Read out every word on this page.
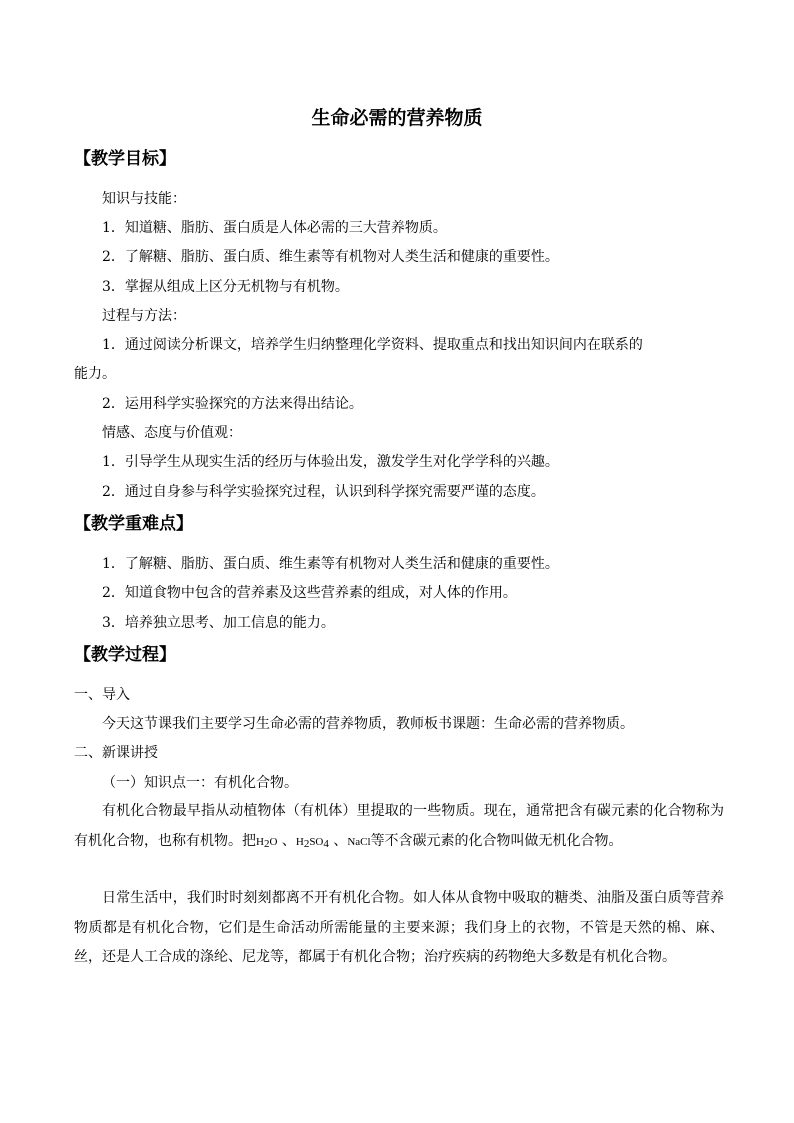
生命必需的营养物质
【教学目标】
知识与技能：
1．知道糖、脂肪、蛋白质是人体必需的三大营养物质。
2．了解糖、脂肪、蛋白质、维生素等有机物对人类生活和健康的重要性。
3．掌握从组成上区分无机物与有机物。
过程与方法：
1．通过阅读分析课文，培养学生归纳整理化学资料、提取重点和找出知识间内在联系的
能力。
2．运用科学实验探究的方法来得出结论。
情感、态度与价值观：
1．引导学生从现实生活的经历与体验出发，激发学生对化学学科的兴趣。
2．通过自身参与科学实验探究过程，认识到科学探究需要严谨的态度。
【教学重难点】
1．了解糖、脂肪、蛋白质、维生素等有机物对人类生活和健康的重要性。
2．知道食物中包含的营养素及这些营养素的组成，对人体的作用。
3．培养独立思考、加工信息的能力。
【教学过程】
一、导入
今天这节课我们主要学习生命必需的营养物质，教师板书课题：生命必需的营养物质。
二、新课讲授
（一）知识点一：有机化合物。
有机化合物最早指从动植物体（有机体）里提取的一些物质。现在，通常把含有碳元素的化合物称为有机化合物，也称有机物。把$H_2O$ 、$H_2SO_4$ 、NaCl等不含碳元素的化合物叫做无机化合物。
日常生活中，我们时时刻刻都离不开有机化合物。如人体从食物中吸取的糖类、油脂及蛋白质等营养物质都是有机化合物，它们是生命活动所需能量的主要来源；我们身上的衣物，不管是天然的棉、麻、丝，还是人工合成的涤纶、尼龙等，都属于有机化合物；治疗疾病的药物绝大多数是有机化合物。
